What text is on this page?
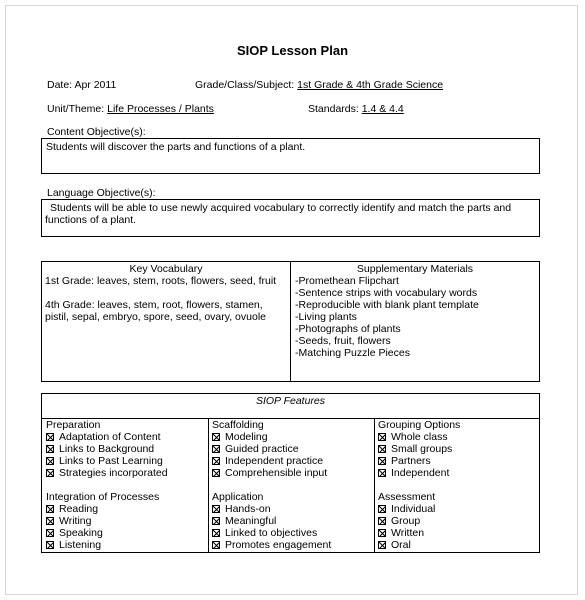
SIOP Lesson Plan
Date: Apr 2011	Grade/Class/Subject: 1st Grade & 4th Grade Science
Unit/Theme: Life Processes / Plants	Standards: 1.4 & 4.4
Content Objective(s):
Students will discover the parts and functions of a plant.
Language Objective(s):
Students will be able to use newly acquired vocabulary to correctly identify and match the parts and
functions of a plant.
Key Vocabulary
1st Grade: leaves, stem, roots, flowers, seed, fruit
4th Grade: leaves, stem, root, flowers, stamen,
pistil, sepal, embryo, spore, seed, ovary, ovuole
Supplementary Materials
-Promethean Flipchart
-Sentence strips with vocabulary words
-Reproducible with blank plant template
-Living plants
-Photographs of plants
-Seeds, fruit, flowers
-Matching Puzzle Pieces
SIOP Features
Preparation
Adaptation of Content
Links to Background
Links to Past Learning
Strategies incorporated
Integration of Processes
Reading
Writing
Speaking
Listening
Scaffolding
Modeling
Guided practice
Independent practice
Comprehensible input
Application
Hands-on
Meaningful
Linked to objectives
Promotes engagement
Grouping Options
Whole class
Small groups
Partners
Independent
Assessment
Individual
Group
Written
Oral
